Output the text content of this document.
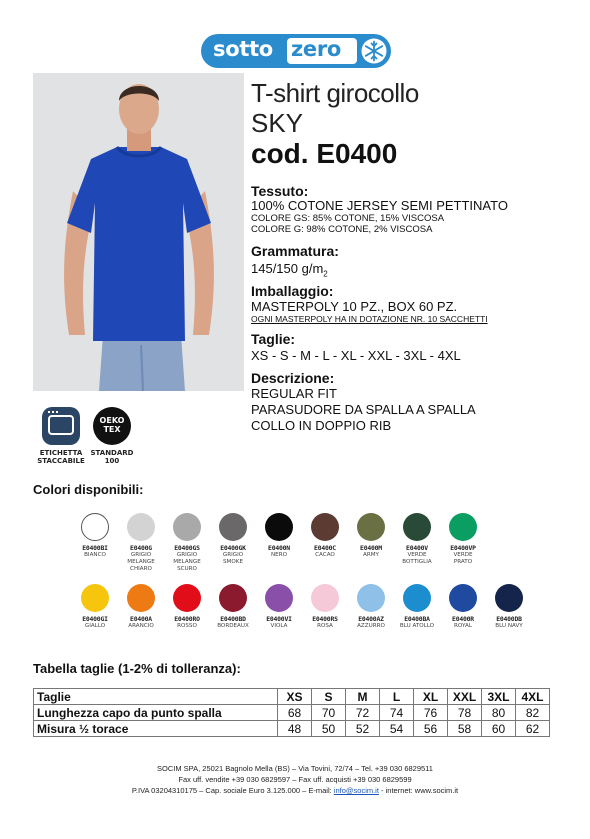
sotto zero
T-shirt girocollo
SKY
cod. E0400
Tessuto:
100% COTONE JERSEY SEMI PETTINATO
COLORE GS: 85% COTONE, 15% VISCOSA
COLORE G: 98% COTONE, 2% VISCOSA
Grammatura:
145/150 $g/m_2$
Imballaggio:
MASTERPOLY 10 PZ., BOX 60 PZ.
OGNI MASTERPOLY HA IN DOTAZIONE NR. 10 SACCHETTI
Taglie:
XS - S - M - L - XL - XXL - 3XL - 4XL
Descrizione:
REGULAR FIT
PARASUDORE DA SPALLA A SPALLA
COLLO IN DOPPIO RIB
ETICHETTA
STACCABILE
OEKO
TEX
STANDARD
100
Colori disponibili:
E0400BI
BIANCO
E0400G
GRIGIO
MELANGE
CHIARO
E0400GS
GRIGIO
MELANGE
SCURO
E0400GK
GRIGIO
SMOKE
E0400N
NERO
E0400C
CACAO
E0400M
ARMY
E0400V
VERDE
BOTTIGLIA
E0400VP
VERDE
PRATO
E0400GI
GIALLO
E0400A
ARANCIO
E0400RO
ROSSO
E0400BD
BORDEAUX
E0400VI
VIOLA
E0400RS
ROSA
E0400AZ
AZZURRO
E0400BA
BLU ATOLLO
E0400R
ROYAL
E0400DB
BLU NAVY
Tabella taglie (1-2% di tolleranza):
Taglie	XS	S	M	L	XL	XXL	3XL	4XL
Lunghezza capo da punto spalla	68	70	72	74	76	78	80	82
Misura ½ torace	48	50	52	54	56	58	60	62
SOCIM SPA, 25021 Bagnolo Mella (BS) – Via Tovini, 72/74 – Tel. +39 030 6829511
Fax uff. vendite +39 030 6829597 – Fax uff. acquisti +39 030 6829599
P.IVA 03204310175 – Cap. sociale Euro 3.125.000 – E-mail: info@socim.it - internet: www.socim.it
